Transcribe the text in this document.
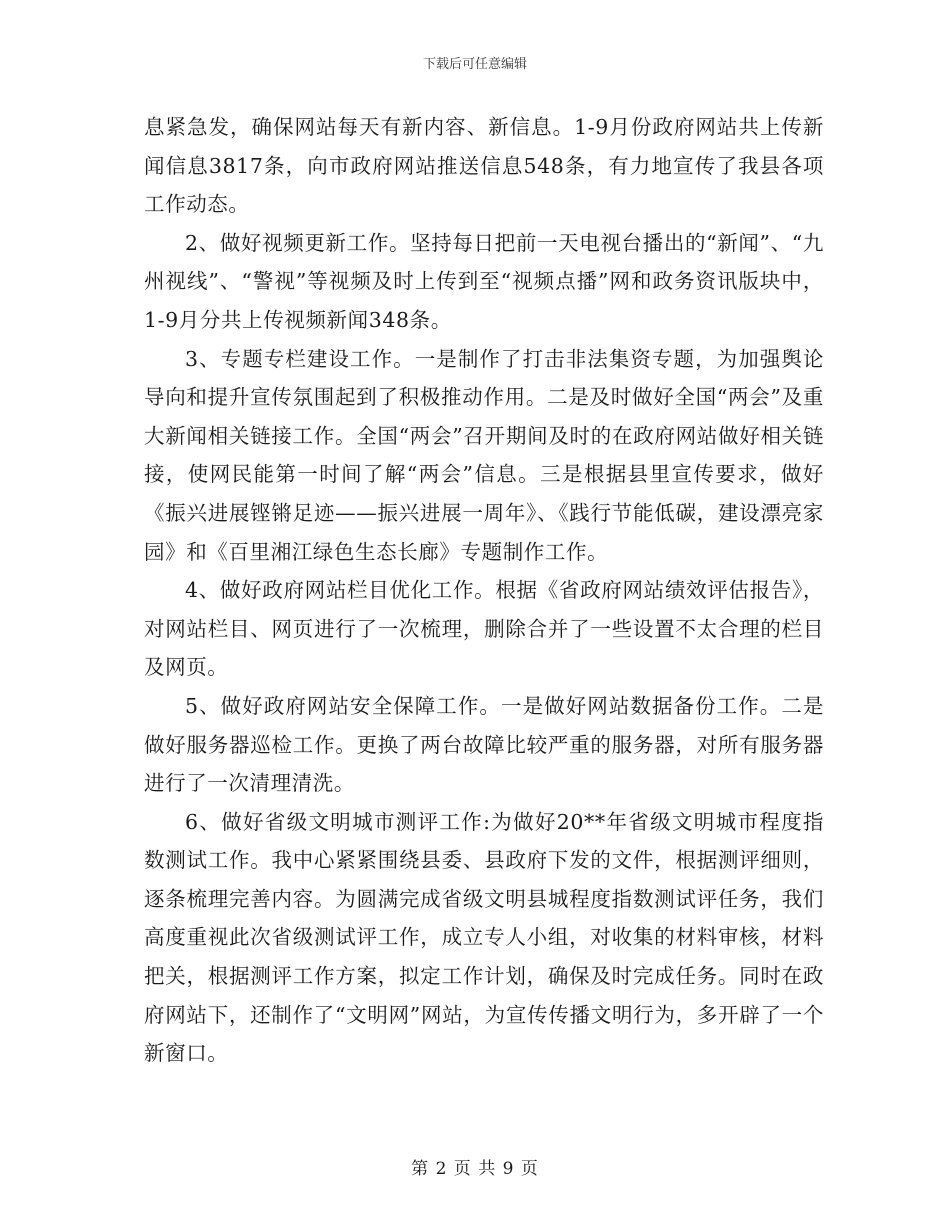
下载后可任意编辑

息紧急发，确保网站每天有新内容、新信息。1-9月份政府网站共上传新闻信息3817条，向市政府网站推送信息548条，有力地宣传了我县各项工作动态。

2、做好视频更新工作。坚持每日把前一天电视台播出的“新闻”、“九州视线”、“警视”等视频及时上传到至“视频点播”网和政务资讯版块中，1-9月分共上传视频新闻348条。

3、专题专栏建设工作。一是制作了打击非法集资专题，为加强舆论导向和提升宣传氛围起到了积极推动作用。二是及时做好全国“两会”及重大新闻相关链接工作。全国“两会”召开期间及时的在政府网站做好相关链接，使网民能第一时间了解“两会”信息。三是根据县里宣传要求，做好《振兴进展铿锵足迹——振兴进展一周年》、《践行节能低碳，建设漂亮家园》和《百里湘江绿色生态长廊》专题制作工作。

4、做好政府网站栏目优化工作。根据《省政府网站绩效评估报告》，对网站栏目、网页进行了一次梳理，删除合并了一些设置不太合理的栏目及网页。

5、做好政府网站安全保障工作。一是做好网站数据备份工作。二是做好服务器巡检工作。更换了两台故障比较严重的服务器，对所有服务器进行了一次清理清洗。

6、做好省级文明城市测评工作:为做好20**年省级文明城市程度指数测试工作。我中心紧紧围绕县委、县政府下发的文件，根据测评细则，逐条梳理完善内容。为圆满完成省级文明县城程度指数测试评任务，我们高度重视此次省级测试评工作，成立专人小组，对收集的材料审核，材料把关，根据测评工作方案，拟定工作计划，确保及时完成任务。同时在政府网站下，还制作了“文明网”网站，为宣传传播文明行为，多开辟了一个新窗口。

第 2 页 共 9 页
